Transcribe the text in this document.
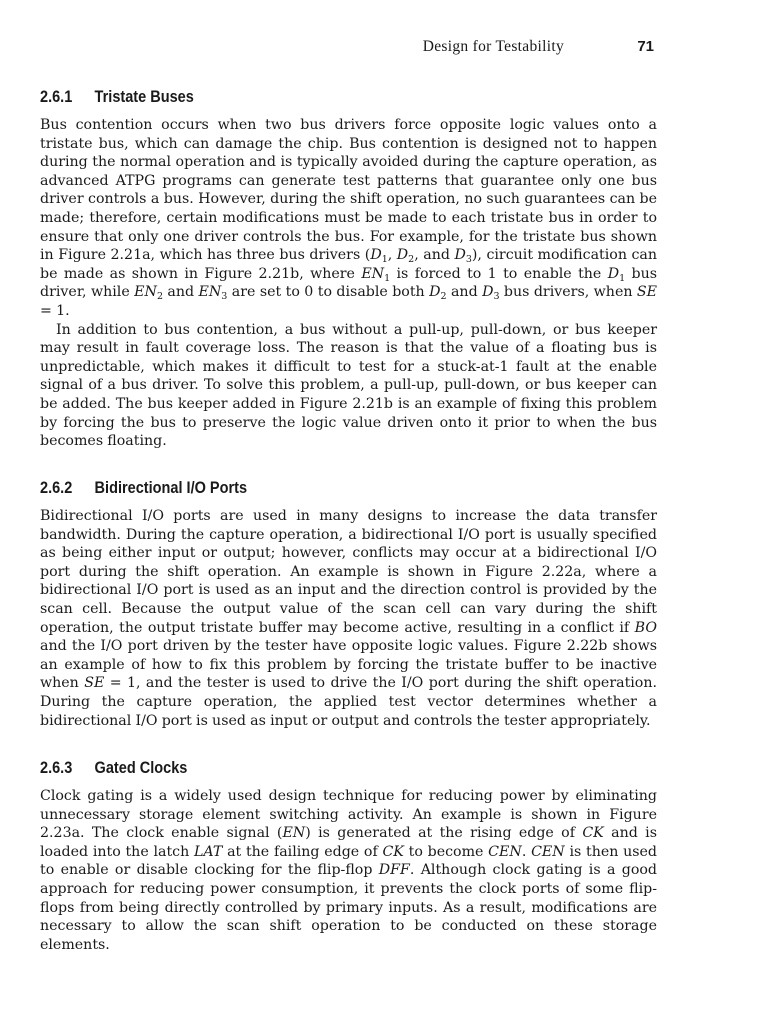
Design for Testability	71
2.6.1 Tristate Buses

Bus contention occurs when two bus drivers force opposite logic values onto a tristate bus, which can damage the chip. Bus contention is designed not to happen during the normal operation and is typically avoided during the capture operation, as advanced ATPG programs can generate test patterns that guarantee only one bus driver controls a bus. However, during the shift operation, no such guarantees can be made; therefore, certain modifications must be made to each tristate bus in order to ensure that only one driver controls the bus. For example, for the tristate bus shown in Figure 2.21a, which has three bus drivers ($D_1$, $D_2$, and $D_3$), circuit modification can be made as shown in Figure 2.21b, where $EN_1$ is forced to 1 to enable the $D_1$ bus driver, while $EN_2$ and $EN_3$ are set to 0 to disable both $D_2$ and $D_3$ bus drivers, when SE = 1.

In addition to bus contention, a bus without a pull-up, pull-down, or bus keeper may result in fault coverage loss. The reason is that the value of a floating bus is unpredictable, which makes it difficult to test for a stuck-at-1 fault at the enable signal of a bus driver. To solve this problem, a pull-up, pull-down, or bus keeper can be added. The bus keeper added in Figure 2.21b is an example of fixing this problem by forcing the bus to preserve the logic value driven onto it prior to when the bus becomes floating.

2.6.2 Bidirectional I/O Ports

Bidirectional I/O ports are used in many designs to increase the data transfer bandwidth. During the capture operation, a bidirectional I/O port is usually specified as being either input or output; however, conflicts may occur at a bidirectional I/O port during the shift operation. An example is shown in Figure 2.22a, where a bidirectional I/O port is used as an input and the direction control is provided by the scan cell. Because the output value of the scan cell can vary during the shift operation, the output tristate buffer may become active, resulting in a conflict if BO and the I/O port driven by the tester have opposite logic values. Figure 2.22b shows an example of how to fix this problem by forcing the tristate buffer to be inactive when SE = 1, and the tester is used to drive the I/O port during the shift operation. During the capture operation, the applied test vector determines whether a bidirectional I/O port is used as input or output and controls the tester appropriately.

2.6.3 Gated Clocks

Clock gating is a widely used design technique for reducing power by eliminating unnecessary storage element switching activity. An example is shown in Figure 2.23a. The clock enable signal (EN) is generated at the rising edge of CK and is loaded into the latch LAT at the failing edge of CK to become CEN. CEN is then used to enable or disable clocking for the flip-flop DFF. Although clock gating is a good approach for reducing power consumption, it prevents the clock ports of some flip-flops from being directly controlled by primary inputs. As a result, modifications are necessary to allow the scan shift operation to be conducted on these storage elements.
